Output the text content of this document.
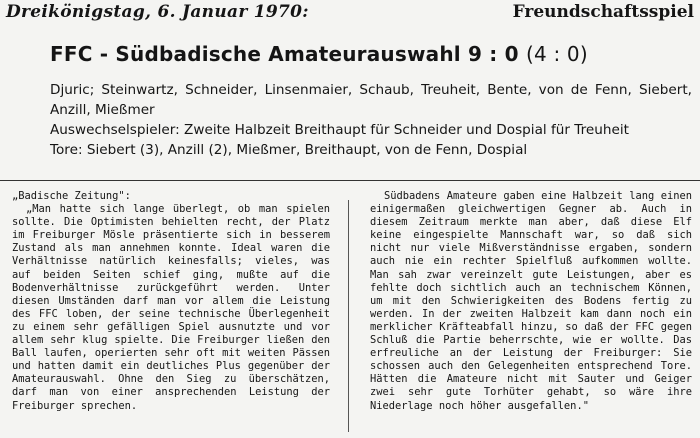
Dreikönigstag, 6. Januar 1970:	Freundschaftsspiel
FFC - Südbadische Amateurauswahl 9 : 0 (4 : 0)

Djuric; Steinwartz, Schneider, Linsenmaier, Schaub, Treuheit, Bente, von de Fenn, Siebert, Anzill, Mießmer

Auswechselspieler: Zweite Halbzeit Breithaupt für Schneider und Dospial für Treuheit

Tore: Siebert (3), Anzill (2), Mießmer, Breithaupt, von de Fenn, Dospial

„Badische Zeitung":

„Man hatte sich lange überlegt, ob man spielen sollte. Die Optimisten behielten recht, der Platz im Freiburger Mösle präsentierte sich in besserem Zustand als man annehmen konnte. Ideal waren die Verhältnisse natürlich keinesfalls; vieles, was auf beiden Seiten schief ging, mußte auf die Bodenverhältnisse zurückgeführt werden. Unter diesen Umständen darf man vor allem die Leistung des FFC loben, der seine technische Überlegenheit zu einem sehr gefälligen Spiel ausnutzte und vor allem sehr klug spielte. Die Freiburger ließen den Ball laufen, operierten sehr oft mit weiten Pässen und hatten damit ein deutliches Plus gegenüber der Amateurauswahl. Ohne den Sieg zu überschätzen, darf man von einer ansprechenden Leistung der Freiburger sprechen.

Südbadens Amateure gaben eine Halbzeit lang einen einigermaßen gleichwertigen Gegner ab. Auch in diesem Zeitraum merkte man aber, daß diese Elf keine eingespielte Mannschaft war, so daß sich nicht nur viele Mißverständnisse ergaben, sondern auch nie ein rechter Spielfluß aufkommen wollte. Man sah zwar vereinzelt gute Leistungen, aber es fehlte doch sichtlich auch an technischem Können, um mit den Schwierigkeiten des Bodens fertig zu werden. In der zweiten Halbzeit kam dann noch ein merklicher Kräfteabfall hinzu, so daß der FFC gegen Schluß die Partie beherrschte, wie er wollte. Das erfreuliche an der Leistung der Freiburger: Sie schossen auch den Gelegenheiten entsprechend Tore. Hätten die Amateure nicht mit Sauter und Geiger zwei sehr gute Torhüter gehabt, so wäre ihre Niederlage noch höher ausgefallen."
